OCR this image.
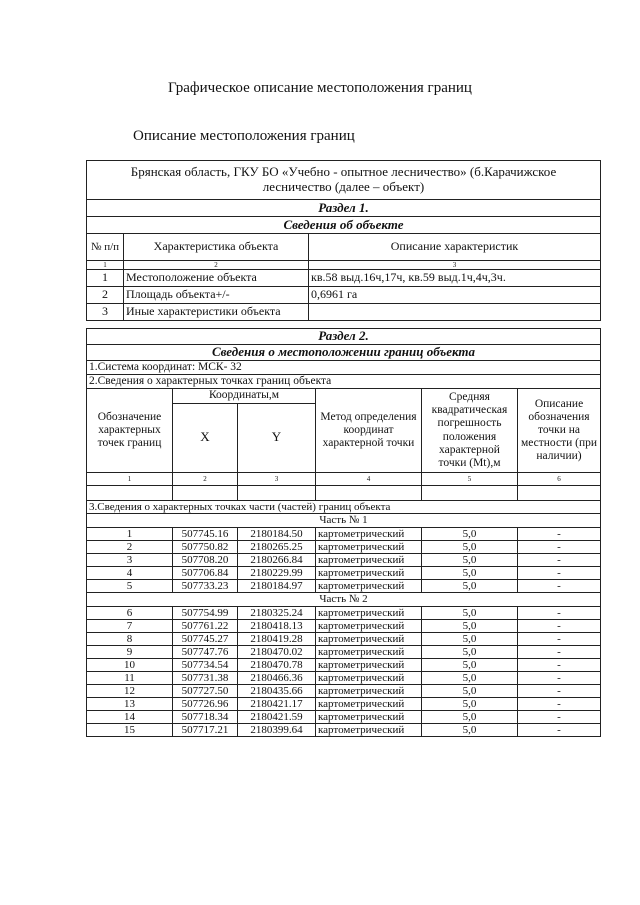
Графическое описание местоположения границ
Описание местоположения границ
Брянская область, ГКУ БО «Учебно - опытное лесничество» (б.Карачижское
лесничество (далее – объект)		

Раздел 1.		
Сведения об объекте		
№ п/п	Характеристика объекта	Описание характеристик
1	2	3
1	Местоположение объекта	кв.58 выд.16ч,17ч, кв.59 выд.1ч,4ч,3ч.
2	Площадь объекта+/-	0,6961 га
3	Иные характеристики объекта	
Раздел 2.					
Сведения о местоположении границ объекта					
1.Система координат: МСК- 32					
2.Сведения о характерных точках границ объекта					
Обозначение характерных точек границ	Координаты,м		Метод определения координат характерной точки	Средняя квадратическая погрешность положения характерной точки (Mt),м	Описание обозначения точки на местности (при наличии)
	X	Y			
1	2	3	4	5	6

3.Сведения о характерных точках части (частей) границ объекта					
Часть № 1					
1	507745.16	2180184.50	картометрический	5,0	-
2	507750.82	2180265.25	картометрический	5,0	-
3	507708.20	2180266.84	картометрический	5,0	-
4	507706.84	2180229.99	картометрический	5,0	-
5	507733.23	2180184.97	картометрический	5,0	-
Часть № 2					
6	507754.99	2180325.24	картометрический	5,0	-
7	507761.22	2180418.13	картометрический	5,0	-
8	507745.27	2180419.28	картометрический	5,0	-
9	507747.76	2180470.02	картометрический	5,0	-
10	507734.54	2180470.78	картометрический	5,0	-
11	507731.38	2180466.36	картометрический	5,0	-
12	507727.50	2180435.66	картометрический	5,0	-
13	507726.96	2180421.17	картометрический	5,0	-
14	507718.34	2180421.59	картометрический	5,0	-
15	507717.21	2180399.64	картометрический	5,0	-
